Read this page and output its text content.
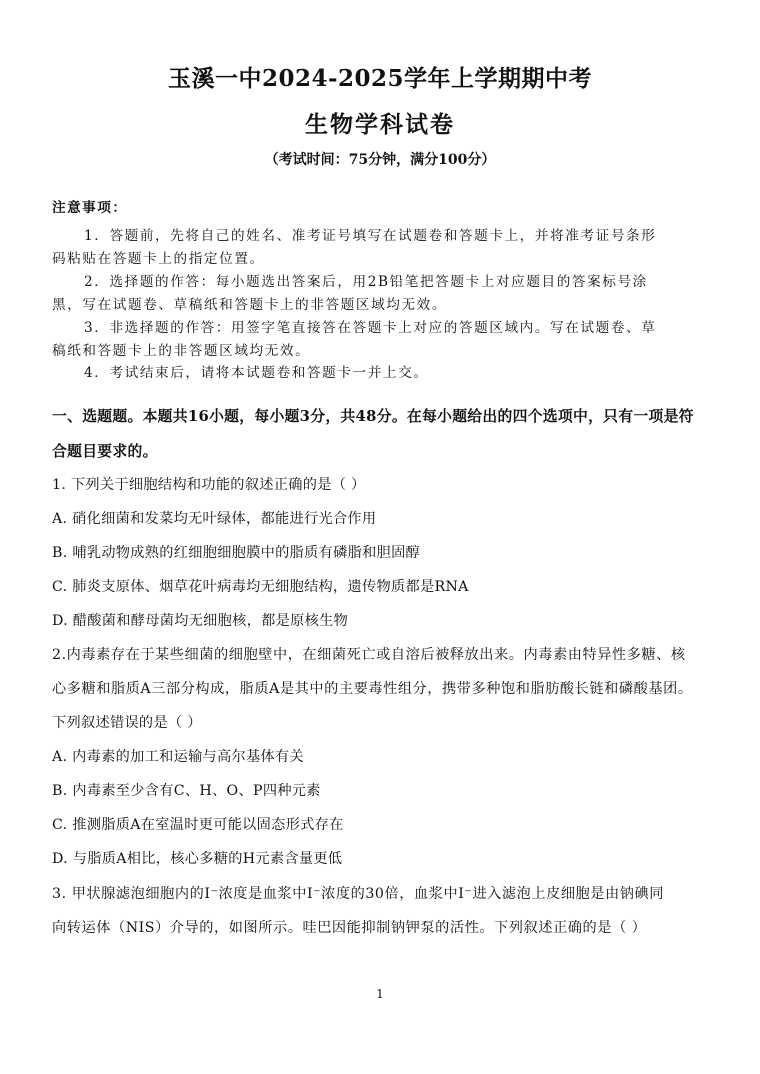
玉溪一中2024-2025学年上学期期中考
生物学科试卷
（考试时间：75分钟，满分100分）
注意事项：
1．答题前，先将自己的姓名、准考证号填写在试题卷和答题卡上，并将准考证号条形
码粘贴在答题卡上的指定位置。
2．选择题的作答：每小题选出答案后，用2B铅笔把答题卡上对应题目的答案标号涂
黑，写在试题卷、草稿纸和答题卡上的非答题区域均无效。
3．非选择题的作答：用签字笔直接答在答题卡上对应的答题区域内。写在试题卷、草
稿纸和答题卡上的非答题区域均无效。
4．考试结束后，请将本试题卷和答题卡一并上交。
一、选题题。本题共16小题，每小题3分，共48分。在每小题给出的四个选项中，只有一项是符
合题目要求的。
1. 下列关于细胞结构和功能的叙述正确的是（ ）
A. 硝化细菌和发菜均无叶绿体，都能进行光合作用
B. 哺乳动物成熟的红细胞细胞膜中的脂质有磷脂和胆固醇
C. 肺炎支原体、烟草花叶病毒均无细胞结构，遗传物质都是RNA
D. 醋酸菌和酵母菌均无细胞核，都是原核生物
2.内毒素存在于某些细菌的细胞壁中，在细菌死亡或自溶后被释放出来。内毒素由特异性多糖、核
心多糖和脂质A三部分构成，脂质A是其中的主要毒性组分，携带多种饱和脂肪酸长链和磷酸基团。
下列叙述错误的是（ ）
A. 内毒素的加工和运输与高尔基体有关
B. 内毒素至少含有C、H、O、P四种元素
C. 推测脂质A在室温时更可能以固态形式存在
D. 与脂质A相比，核心多糖的H元素含量更低
3. 甲状腺滤泡细胞内的I⁻浓度是血浆中I⁻浓度的30倍，血浆中I⁻进入滤泡上皮细胞是由钠碘同
向转运体（NIS）介导的，如图所示。哇巴因能抑制钠钾泵的活性。下列叙述正确的是（ ）
1
